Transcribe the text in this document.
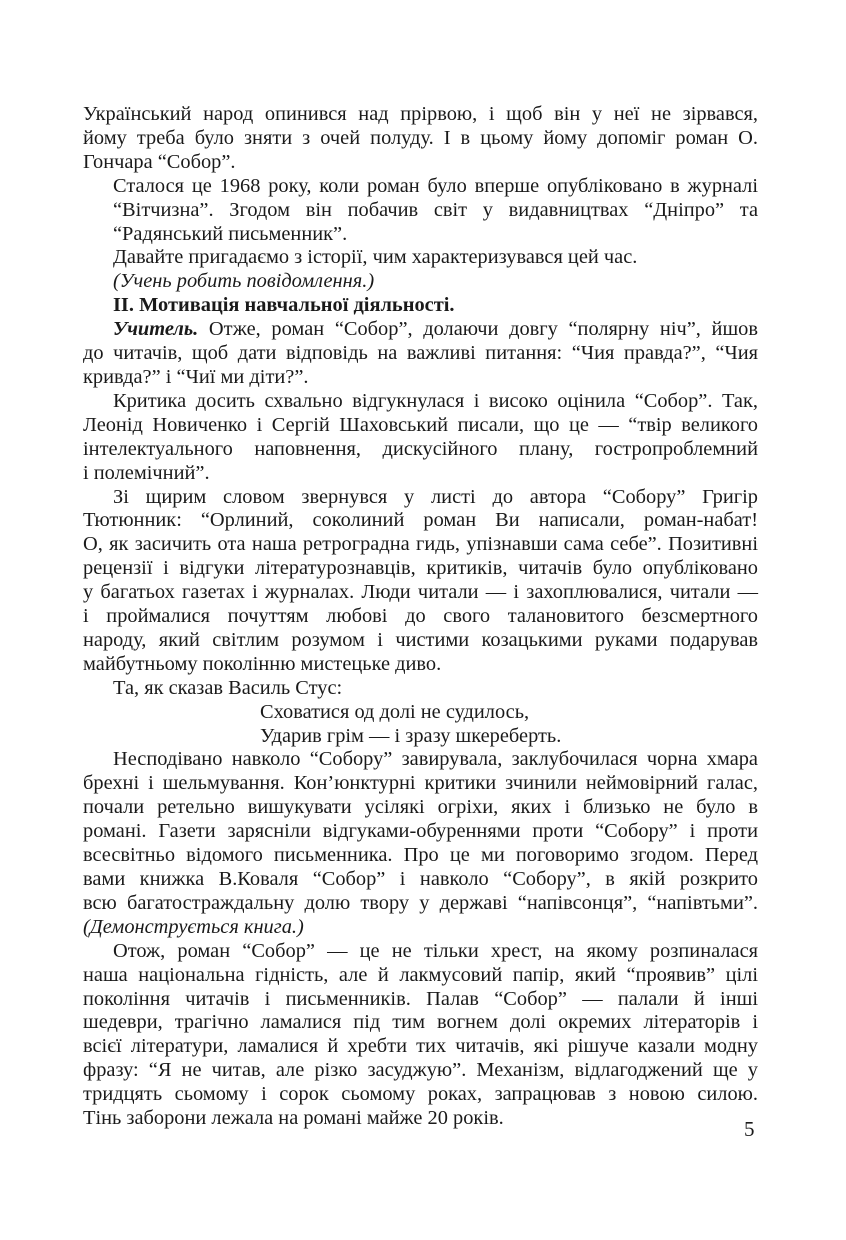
Український народ опинився над прірвою, і щоб він у неї не зірвався,
йому треба було зняти з очей полуду. І в цьому йому допоміг роман О.
Гончара “Собор”.

Сталося це 1968 року, коли роман було вперше опубліковано в журналі
“Вітчизна”. Згодом він побачив світ у видавництвах “Дніпро” та
“Радянський письменник”.

Давайте пригадаємо з історії, чим характеризувався цей час.

(Учень робить повідомлення.)

ІІ. Мотивація навчальної діяльності.

Учитель. Отже, роман “Собор”, долаючи довгу “полярну ніч”, йшов
до читачів, щоб дати відповідь на важливі питання: “Чия правда?”, “Чия
кривда?” і “Чиї ми діти?”.

Критика досить схвально відгукнулася і високо оцінила “Собор”. Так,
Леонід Новиченко і Сергій Шаховський писали, що це — “твір великого
інтелектуального наповнення, дискусійного плану, гостропроблемний
і полемічний”.

Зі щирим словом звернувся у листі до автора “Собору” Григір
Тютюнник: “Орлиний, соколиний роман Ви написали, роман-набат!
О, як засичить ота наша ретроградна гидь, упізнавши сама себе”. Позитивні
рецензії і відгуки літературознавців, критиків, читачів було опубліковано
у багатьох газетах і журналах. Люди читали — і захоплювалися, читали —
і проймалися почуттям любові до свого талановитого безсмертного
народу, який світлим розумом і чистими козацькими руками подарував
майбутньому поколінню мистецьке диво.

Та, як сказав Василь Стус:

Сховатися од долі не судилось,
Ударив грім — і зразу шкереберть.

Несподівано навколо “Собору” завирувала, заклубочилася чорна хмара
брехні і шельмування. Кон’юнктурні критики зчинили неймовірний галас,
почали ретельно вишукувати усілякі огріхи, яких і близько не було в
романі. Газети зарясніли відгуками-обуреннями проти “Собору” і проти
всесвітньо відомого письменника. Про це ми поговоримо згодом. Перед
вами книжка В.Коваля “Собор” і навколо “Собору”, в якій розкрито
всю багатостраждальну долю твору у державі “напівсонця”, “напівтьми”.
(Демонструється книга.)

Отож, роман “Собор” — це не тільки хрест, на якому розпиналася
наша національна гідність, але й лакмусовий папір, який “проявив” цілі
покоління читачів і письменників. Палав “Собор” — палали й інші
шедеври, трагічно ламалися під тим вогнем долі окремих літераторів і
всієї літератури, ламалися й хребти тих читачів, які рішуче казали модну
фразу: “Я не читав, але різко засуджую”. Механізм, відлагоджений ще у
тридцять сьомому і сорок сьомому роках, запрацював з новою силою.
Тінь заборони лежала на романі майже 20 років.	5
